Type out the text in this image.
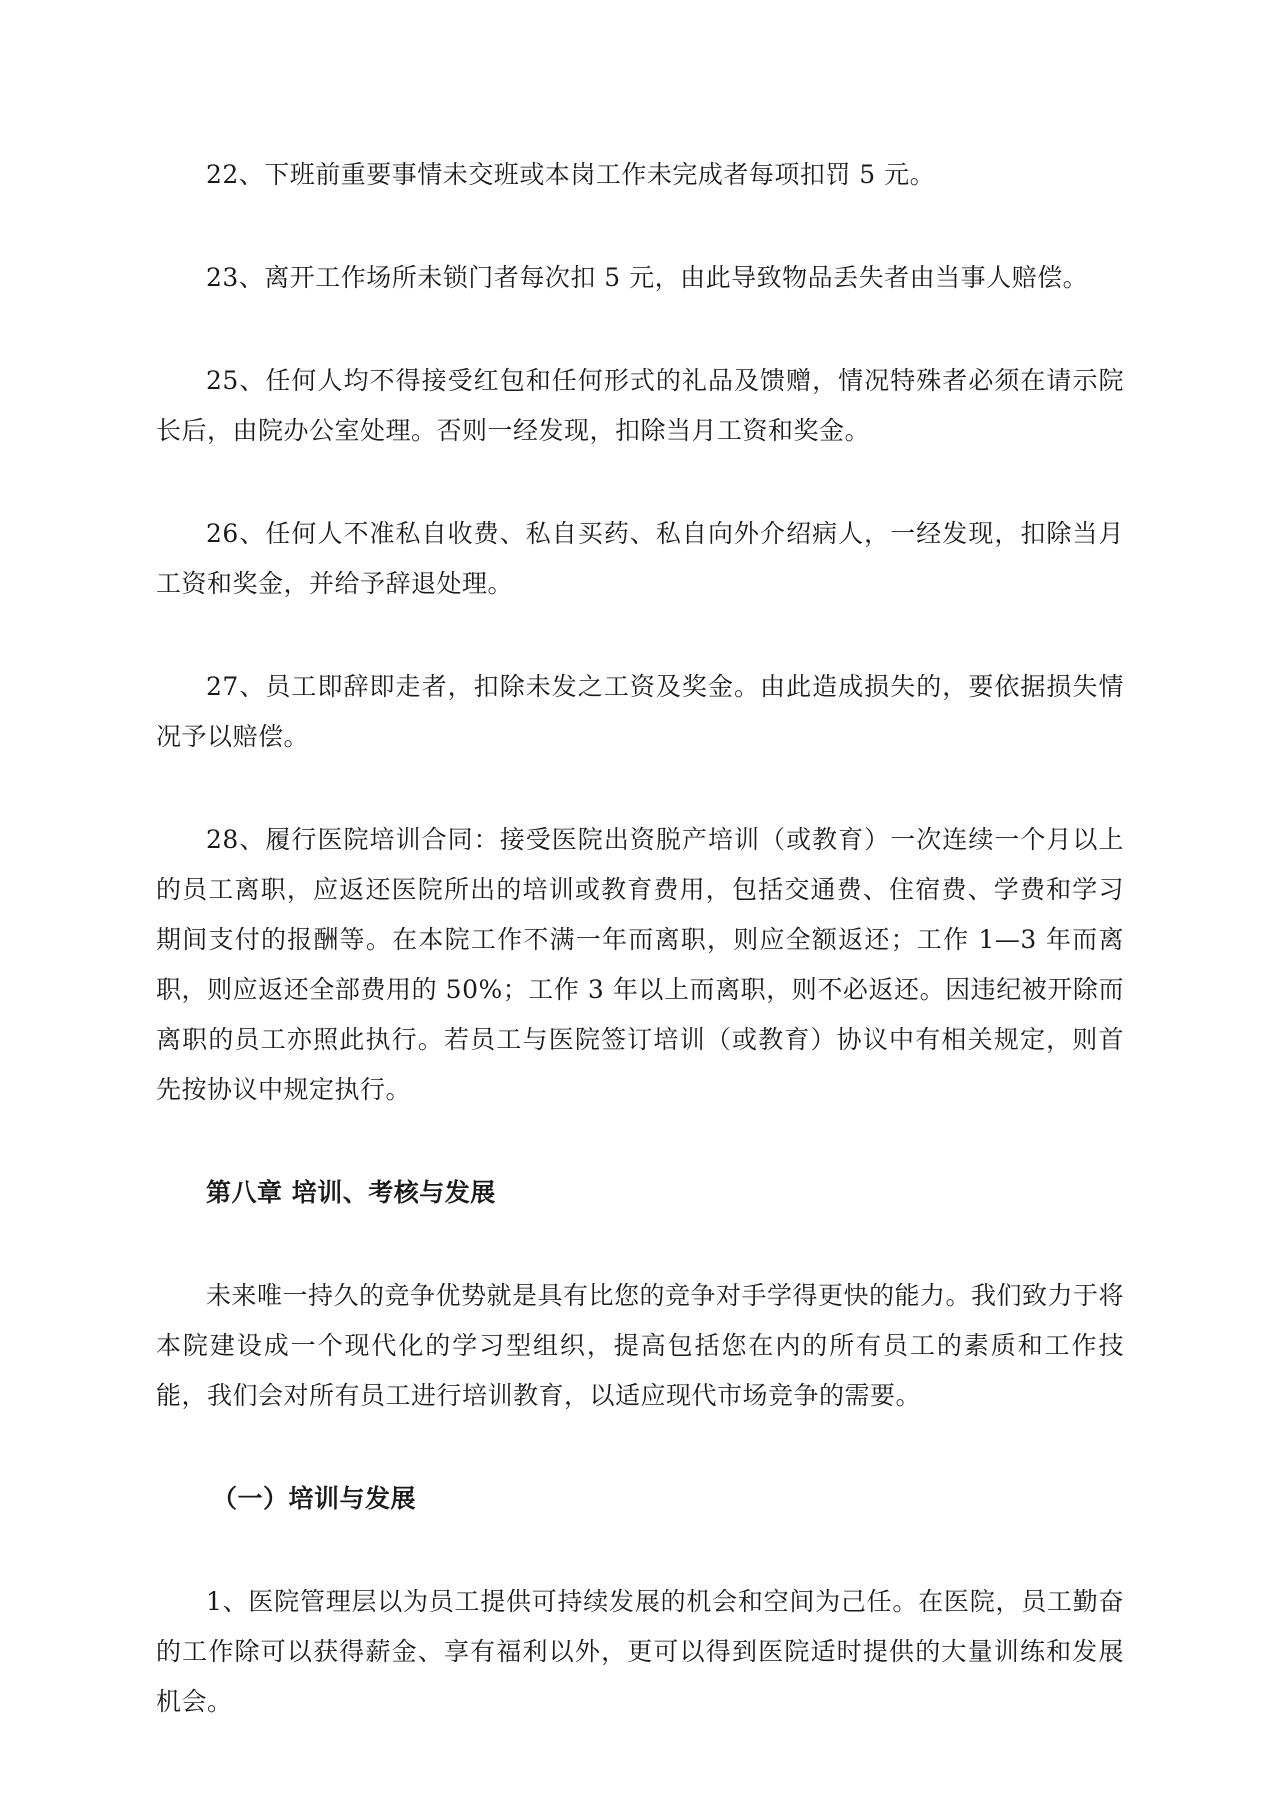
22、下班前重要事情未交班或本岗工作未完成者每项扣罚 5 元。

23、离开工作场所未锁门者每次扣 5 元，由此导致物品丢失者由当事人赔偿。

25、任何人均不得接受红包和任何形式的礼品及馈赠，情况特殊者必须在请示院长后，由院办公室处理。否则一经发现，扣除当月工资和奖金。

26、任何人不准私自收费、私自买药、私自向外介绍病人，一经发现，扣除当月工资和奖金，并给予辞退处理。

27、员工即辞即走者，扣除未发之工资及奖金。由此造成损失的，要依据损失情况予以赔偿。

28、履行医院培训合同：接受医院出资脱产培训（或教育）一次连续一个月以上的员工离职，应返还医院所出的培训或教育费用，包括交通费、住宿费、学费和学习期间支付的报酬等。在本院工作不满一年而离职，则应全额返还；工作 1—3 年而离职，则应返还全部费用的 50%；工作 3 年以上而离职，则不必返还。因违纪被开除而离职的员工亦照此执行。若员工与医院签订培训（或教育）协议中有相关规定，则首先按协议中规定执行。

第八章 培训、考核与发展

未来唯一持久的竞争优势就是具有比您的竞争对手学得更快的能力。我们致力于将本院建设成一个现代化的学习型组织，提高包括您在内的所有员工的素质和工作技能，我们会对所有员工进行培训教育，以适应现代市场竞争的需要。

（一）培训与发展

1、医院管理层以为员工提供可持续发展的机会和空间为己任。在医院，员工勤奋的工作除可以获得薪金、享有福利以外，更可以得到医院适时提供的大量训练和发展机会。
